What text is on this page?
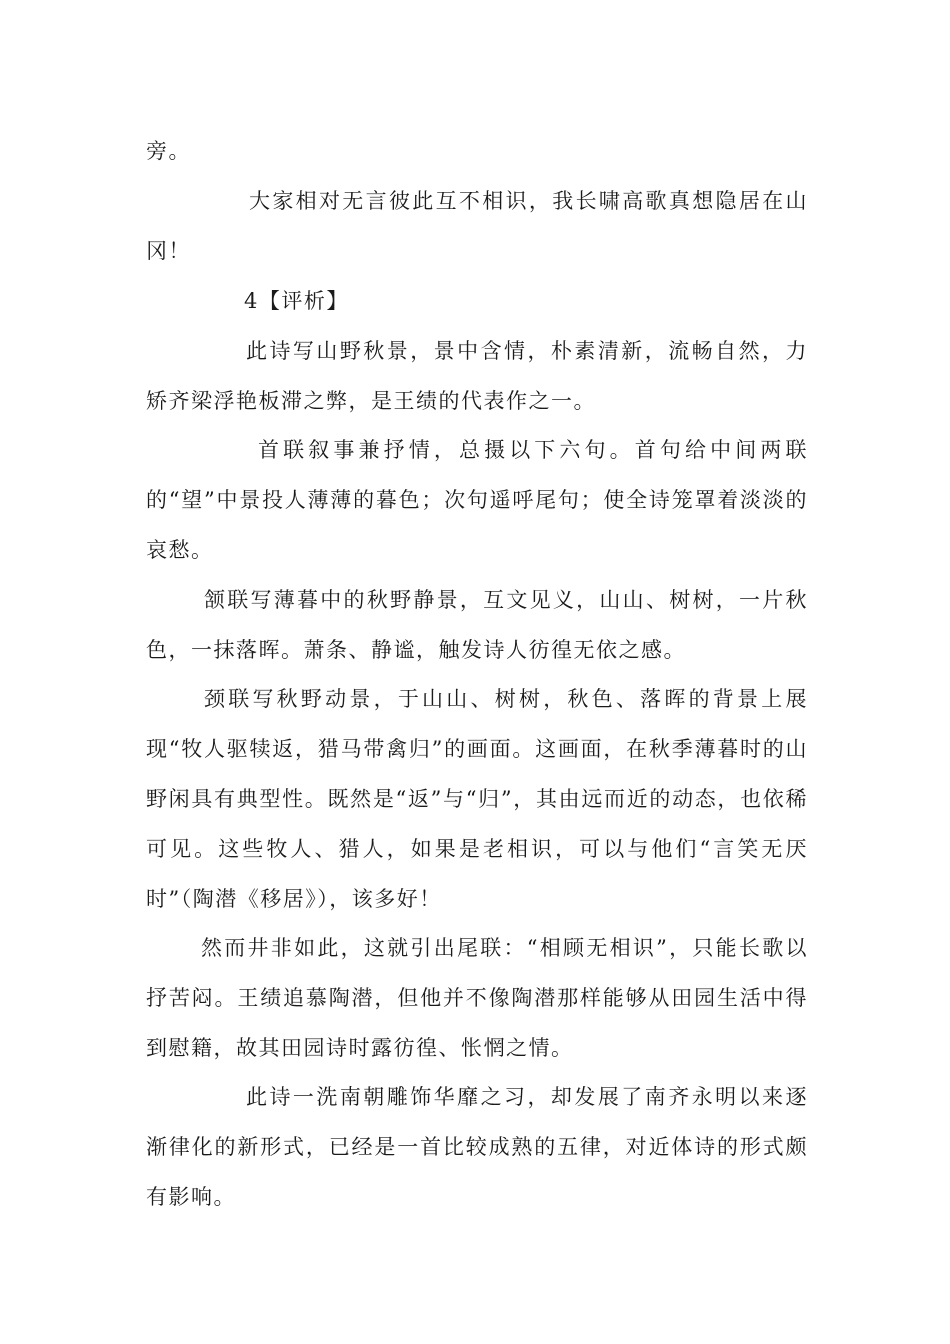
旁。

大家相对无言彼此互不相识，我长啸高歌真想隐居在山冈！

4【评析】

此诗写山野秋景，景中含情，朴素清新，流畅自然，力矫齐梁浮艳板滞之弊，是王绩的代表作之一。

首联叙事兼抒情，总摄以下六句。首句给中间两联的“望”中景投人薄薄的暮色；次句遥呼尾句；使全诗笼罩着淡淡的哀愁。

颔联写薄暮中的秋野静景，互文见义，山山、树树，一片秋色，一抹落晖。萧条、静谧，触发诗人彷徨无依之感。

颈联写秋野动景，于山山、树树，秋色、落晖的背景上展现“牧人驱犊返，猎马带禽归”的画面。这画面，在秋季薄暮时的山野闲具有典型性。既然是“返”与“归”，其由远而近的动态，也依稀可见。这些牧人、猎人，如果是老相识，可以与他们“言笑无厌时”（陶潜《移居》），该多好！

然而井非如此，这就引出尾联：“相顾无相识”，只能长歌以抒苦闷。王绩追慕陶潜，但他并不像陶潜那样能够从田园生活中得到慰籍，故其田园诗时露彷徨、怅惘之情。

此诗一洗南朝雕饰华靡之习，却发展了南齐永明以来逐渐律化的新形式，已经是一首比较成熟的五律，对近体诗的形式颇有影响。
